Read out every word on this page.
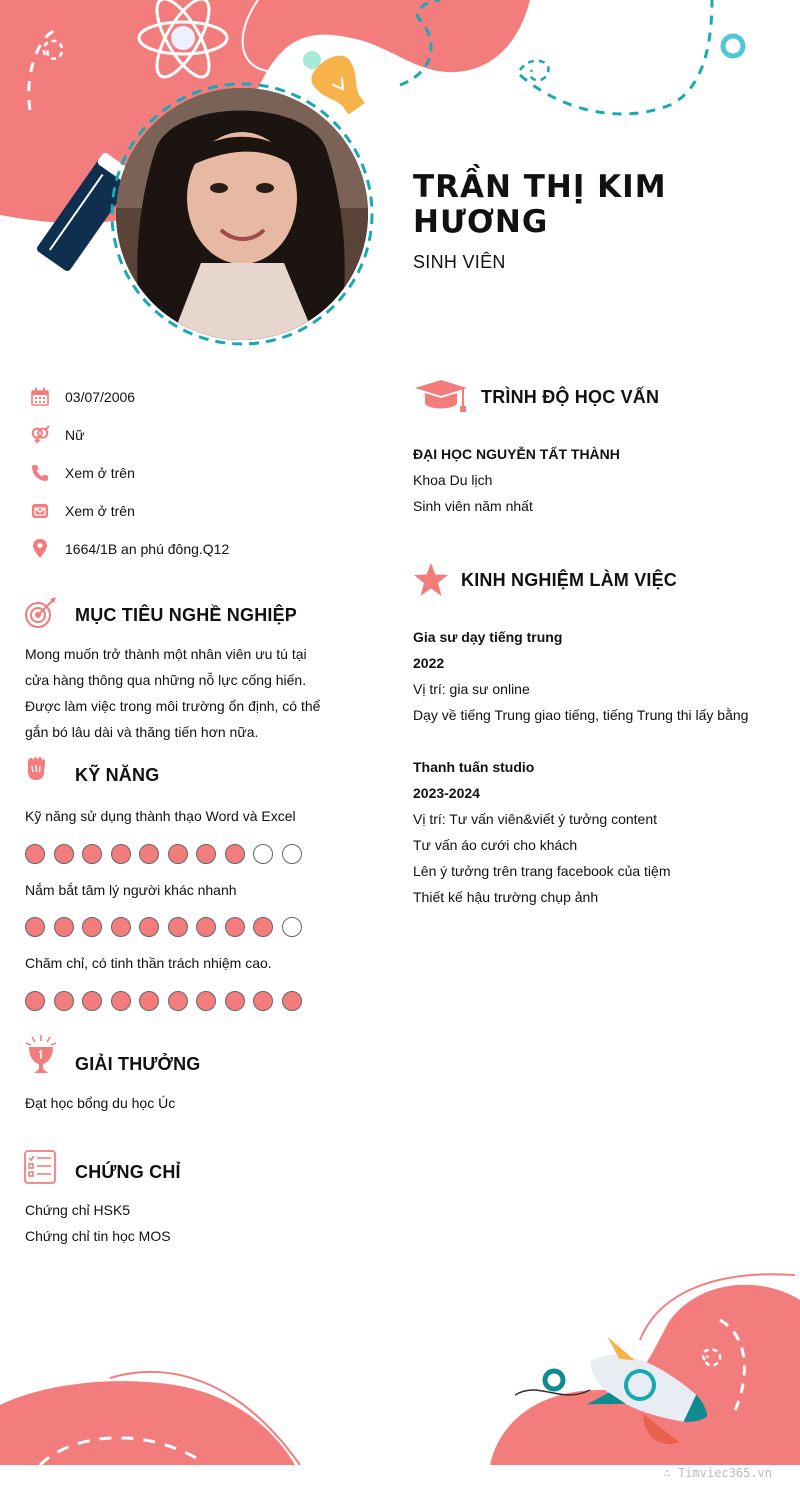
TRẦN THỊ KIM HƯƠNG
SINH VIÊN
03/07/2006
Nữ
Xem ở trên
Xem ở trên
1664/1B an phú đông.Q12
MỤC TIÊU NGHỀ NGHIỆP
Mong muốn trở thành một nhân viên ưu tú tại
cửa hàng thông qua những nỗ lực cống hiến.
Được làm việc trong môi trường ổn định, có thể
gắn bó lâu dài và thăng tiến hơn nữa.
KỸ NĂNG
Kỹ năng sử dụng thành thạo Word và Excel
Nắm bắt tâm lý người khác nhanh
Chăm chỉ, có tinh thần trách nhiệm cao.
GIẢI THƯỞNG
Đạt học bổng du học Úc
CHỨNG CHỈ
Chứng chỉ HSK5
Chứng chỉ tin học MOS
TRÌNH ĐỘ HỌC VẤN
ĐẠI HỌC NGUYỄN TẤT THÀNH
Khoa Du lịch
Sinh viên năm nhất
KINH NGHIỆM LÀM VIỆC
Gia sư dạy tiếng trung
2022
Vị trí: gia sư online
Dạy về tiếng Trung giao tiếng, tiếng Trung thi lấy bằng
Thanh tuấn studio
2023-2024
Vị trí: Tư vấn viên&viết ý tưởng content
Tư vấn áo cưới cho khách
Lên ý tưởng trên trang facebook của tiệm
Thiết kế hậu trường chụp ảnh
∴ Timviec365.vn
